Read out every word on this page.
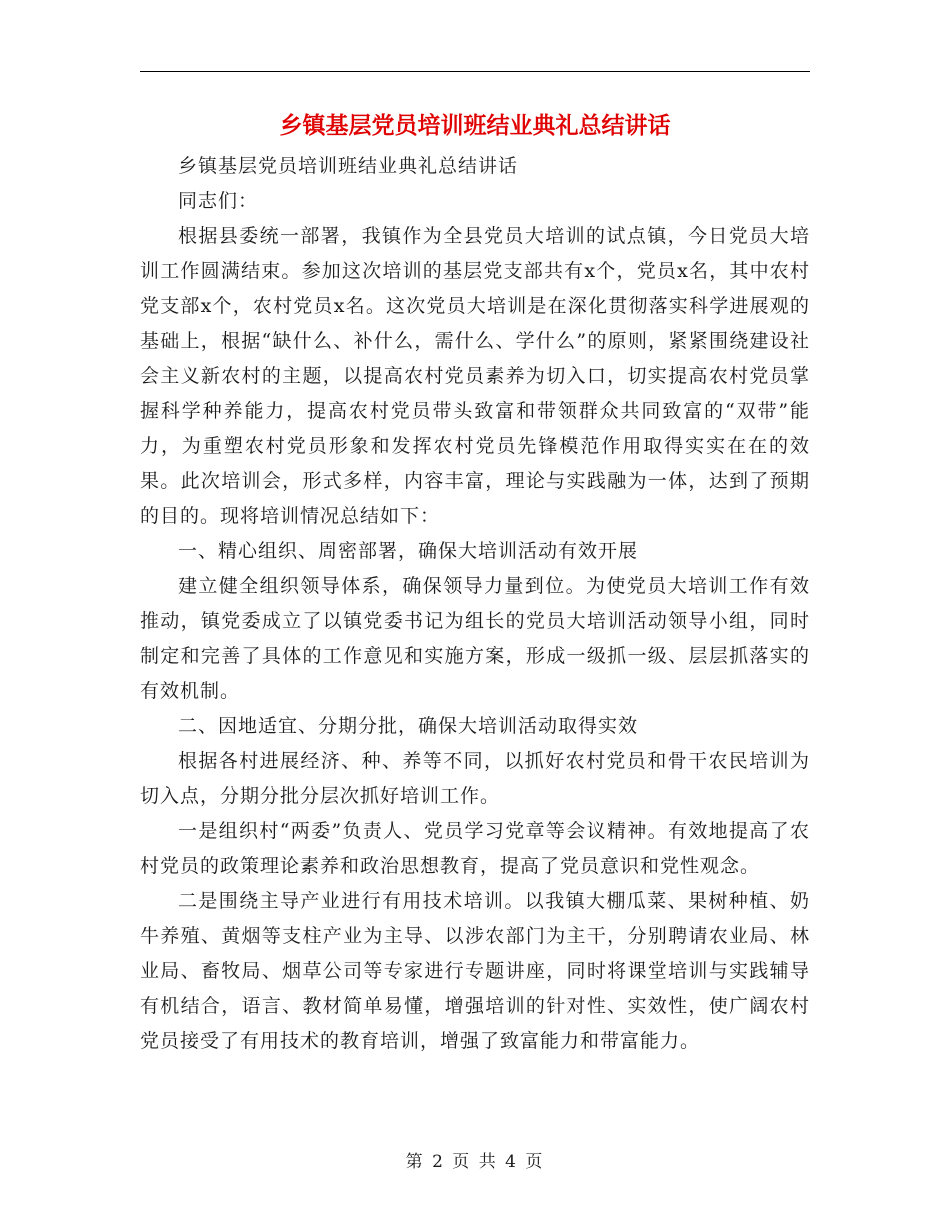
乡镇基层党员培训班结业典礼总结讲话

乡镇基层党员培训班结业典礼总结讲话

同志们：

根据县委统一部署，我镇作为全县党员大培训的试点镇，今日党员大培训工作圆满结束。参加这次培训的基层党支部共有x个，党员x名，其中农村党支部x个，农村党员x名。这次党员大培训是在深化贯彻落实科学进展观的基础上，根据“缺什么、补什么，需什么、学什么”的原则，紧紧围绕建设社会主义新农村的主题，以提高农村党员素养为切入口，切实提高农村党员掌握科学种养能力，提高农村党员带头致富和带领群众共同致富的“双带”能力，为重塑农村党员形象和发挥农村党员先锋模范作用取得实实在在的效果。此次培训会，形式多样，内容丰富，理论与实践融为一体，达到了预期的目的。现将培训情况总结如下：

一、精心组织、周密部署，确保大培训活动有效开展

建立健全组织领导体系，确保领导力量到位。为使党员大培训工作有效推动，镇党委成立了以镇党委书记为组长的党员大培训活动领导小组，同时制定和完善了具体的工作意见和实施方案，形成一级抓一级、层层抓落实的有效机制。

二、因地适宜、分期分批，确保大培训活动取得实效

根据各村进展经济、种、养等不同，以抓好农村党员和骨干农民培训为切入点，分期分批分层次抓好培训工作。

一是组织村“两委”负责人、党员学习党章等会议精神。有效地提高了农村党员的政策理论素养和政治思想教育，提高了党员意识和党性观念。

二是围绕主导产业进行有用技术培训。以我镇大棚瓜菜、果树种植、奶牛养殖、黄烟等支柱产业为主导、以涉农部门为主干，分别聘请农业局、林业局、畜牧局、烟草公司等专家进行专题讲座，同时将课堂培训与实践辅导有机结合，语言、教材简单易懂，增强培训的针对性、实效性，使广阔农村党员接受了有用技术的教育培训，增强了致富能力和带富能力。

第 2 页 共 4 页
